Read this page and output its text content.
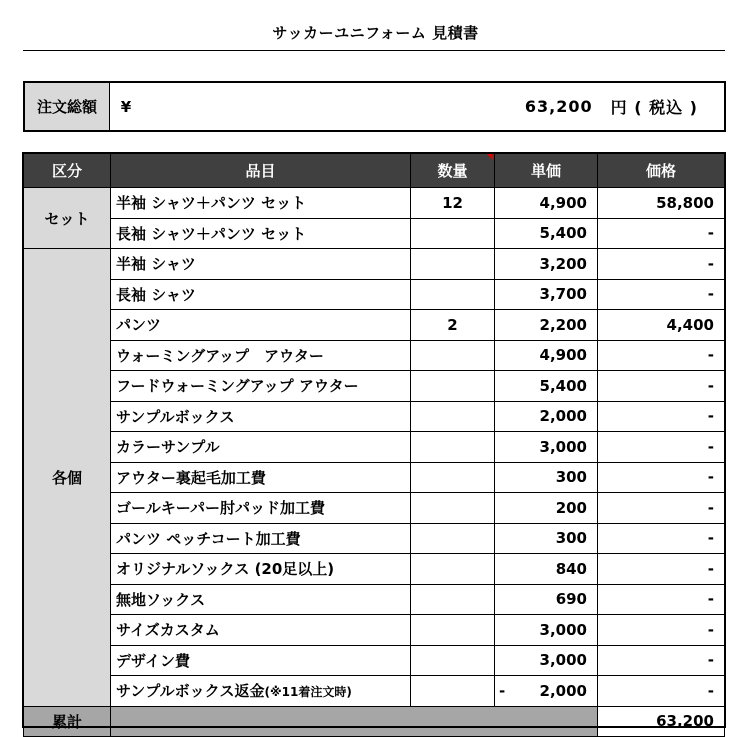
サッカーユニフォーム 見積書
注文総額	¥	63,200 円 ( 税込 )
区分	品目	数量	単価	価格
セット	半袖 シャツ＋パンツ セット	12	4,900	58,800
	長袖 シャツ＋パンツ セット		5,400	-
各個	半袖 シャツ		3,200	-
	長袖 シャツ		3,700	-
	パンツ	2	2,200	4,400
	ウォーミングアップ　アウター		4,900	-
	フードウォーミングアップ アウター		5,400	-
	サンプルボックス		2,000	-
	カラーサンプル		3,000	-
	アウター裏起毛加工費		300	-
	ゴールキーパー肘パッド加工費		200	-
	パンツ ペッチコート加工費		300	-
	オリジナルソックス (20足以上)		840	-
	無地ソックス		690	-
	サイズカスタム		3,000	-
	デザイン費		3,000	-
	サンプルボックス返金(※11着注文時)		- 2,000	-
累計				63,200
